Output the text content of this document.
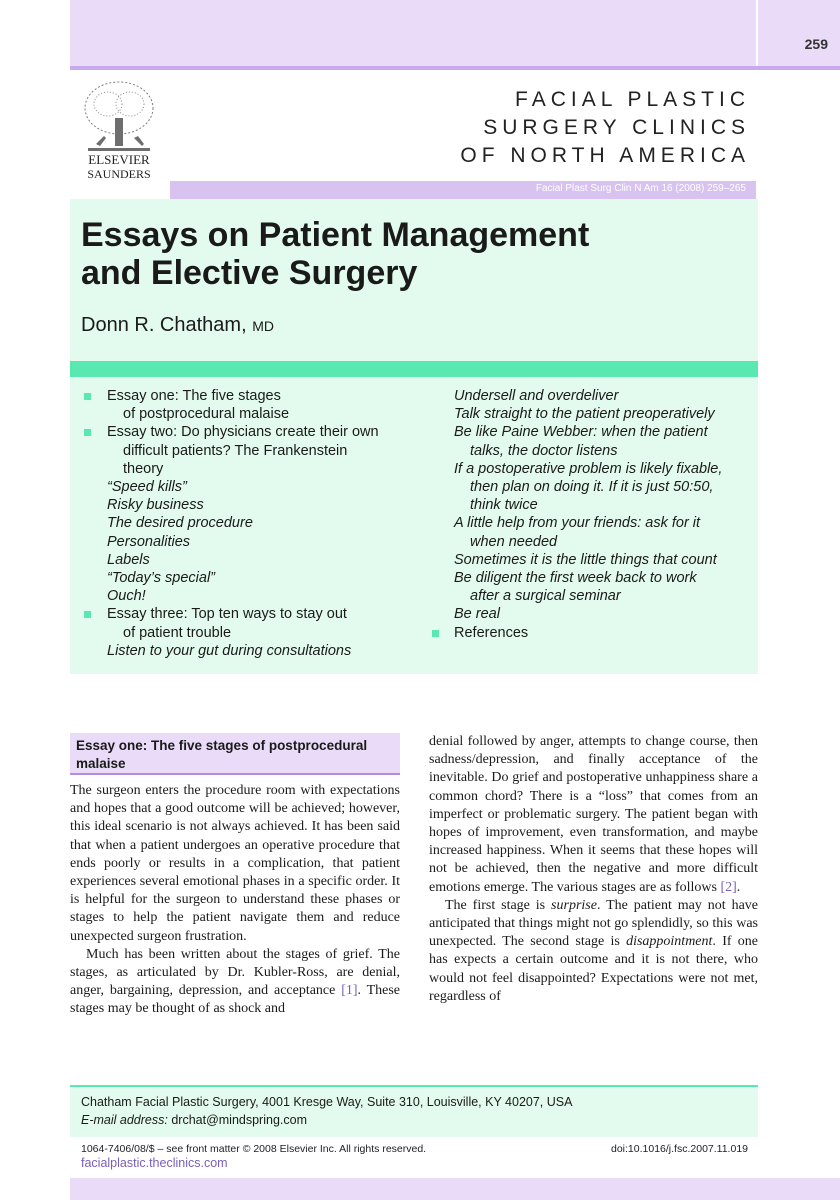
259
ELSEVIER
SAUNDERS
FACIAL PLASTIC
SURGERY CLINICS
OF NORTH AMERICA
Facial Plast Surg Clin N Am 16 (2008) 259–265
Essays on Patient Management
and Elective Surgery
Donn R. Chatham, MD
Essay one: The five stages
of postprocedural malaise
Essay two: Do physicians create their own
difficult patients? The Frankenstein
theory
“Speed kills”
Risky business
The desired procedure
Personalities
Labels
“Today’s special”
Ouch!
Essay three: Top ten ways to stay out
of patient trouble
Listen to your gut during consultations
Undersell and overdeliver
Talk straight to the patient preoperatively
Be like Paine Webber: when the patient
talks, the doctor listens
If a postoperative problem is likely fixable,
then plan on doing it. If it is just 50:50,
think twice
A little help from your friends: ask for it
when needed
Sometimes it is the little things that count
Be diligent the first week back to work
after a surgical seminar
Be real
References
Essay one: The five stages of postprocedural malaise

The surgeon enters the procedure room with expectations and hopes that a good outcome will be achieved; however, this ideal scenario is not always achieved. It has been said that when a patient undergoes an operative procedure that ends poorly or results in a complication, that patient experiences several emotional phases in a specific order. It is helpful for the surgeon to understand these phases or stages to help the patient navigate them and reduce unexpected surgeon frustration.

Much has been written about the stages of grief. The stages, as articulated by Dr. Kubler-Ross, are denial, anger, bargaining, depression, and acceptance [1]. These stages may be thought of as shock and

denial followed by anger, attempts to change course, then sadness/depression, and finally acceptance of the inevitable. Do grief and postoperative unhappiness share a common chord? There is a “loss” that comes from an imperfect or problematic surgery. The patient began with hopes of improvement, even transformation, and maybe increased happiness. When it seems that these hopes will not be achieved, then the negative and more difficult emotions emerge. The various stages are as follows [2].

The first stage is surprise. The patient may not have anticipated that things might not go splendidly, so this was unexpected. The second stage is disappointment. If one has expects a certain outcome and it is not there, who would not feel disappointed? Expectations were not met, regardless of

Chatham Facial Plastic Surgery, 4001 Kresge Way, Suite 310, Louisville, KY 40207, USA
E-mail address: drchat@mindspring.com
1064-7406/08/$ – see front matter © 2008 Elsevier Inc. All rights reserved.	doi:10.1016/j.fsc.2007.11.019
facialplastic.theclinics.com
